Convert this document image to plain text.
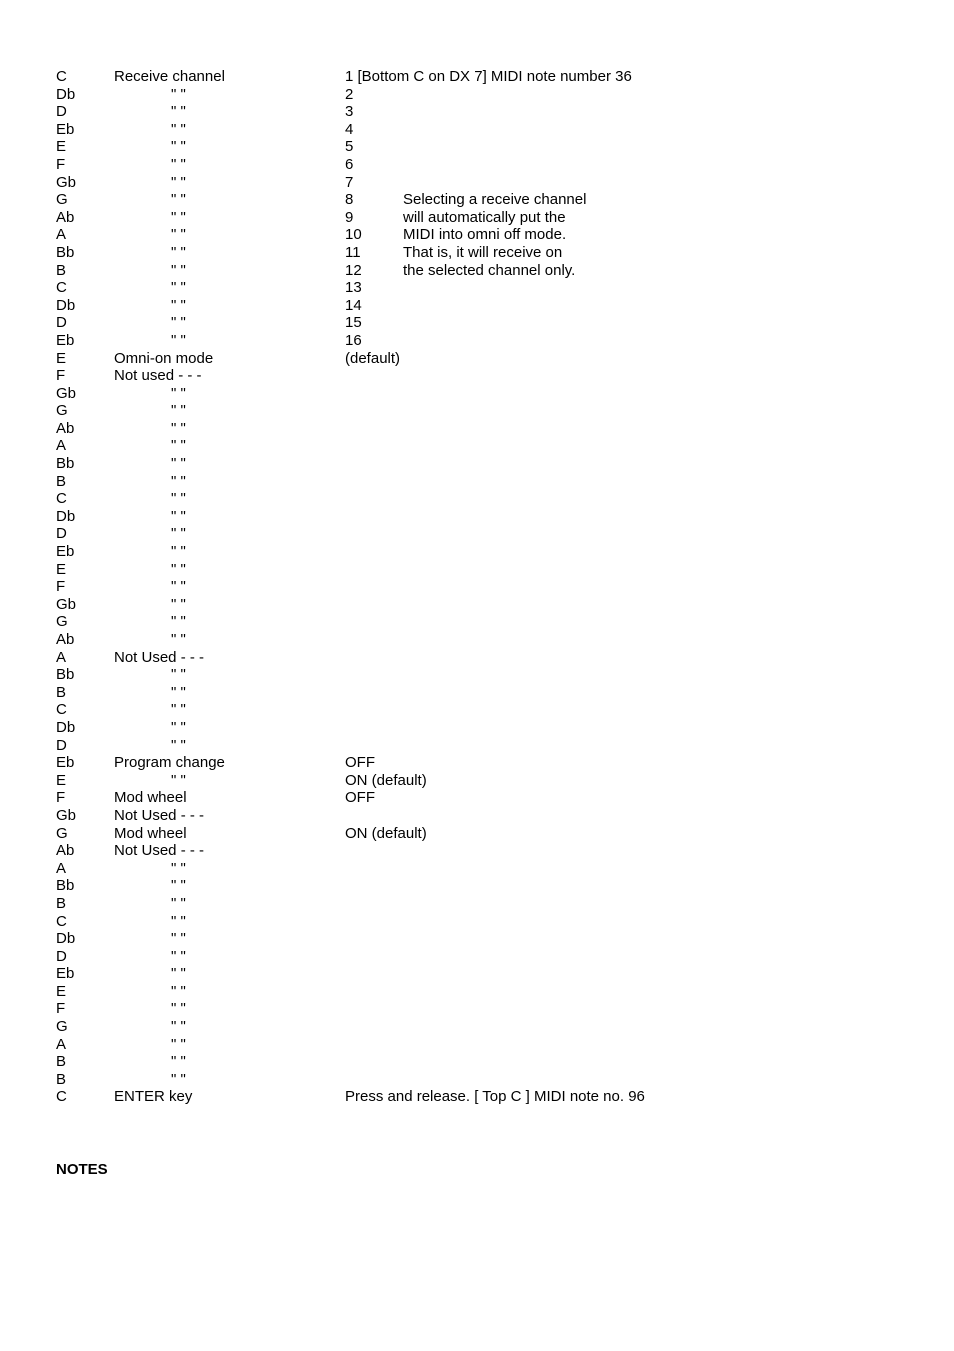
C	Receive channel	1 [Bottom C on DX 7] MIDI note number 36
Db	" "	2
D	" "	3
Eb	" "	4
E	" "	5
F	" "	6
Gb	" "	7
G	" "	8	Selecting a receive channel
Ab	" "	9	will automatically put the
A	" "	10	MIDI into omni off mode.
Bb	" "	11	That is, it will receive on
B	" "	12	the selected channel only.
C	" "	13
Db	" "	14
D	" "	15
Eb	" "	16
E	Omni-on mode	(default)
F	Not used - - -
Gb	" "
G	" "
Ab	" "
A	" "
Bb	" "
B	" "
C	" "
Db	" "
D	" "
Eb	" "
E	" "
F	" "
Gb	" "
G	" "
Ab	" "
A	Not Used - - -
Bb	" "
B	" "
C	" "
Db	" "
D	" "
Eb	Program change	OFF
E	" "	ON (default)
F	Mod wheel	OFF
Gb	Not Used - - -
G	Mod wheel	ON (default)
Ab	Not Used - - -
A	" "
Bb	" "
B	" "
C	" "
Db	" "
D	" "
Eb	" "
E	" "
F	" "
G	" "
A	" "
B	" "
B	" "
C	ENTER key	Press and release. [ Top C ] MIDI note no. 96
NOTES
